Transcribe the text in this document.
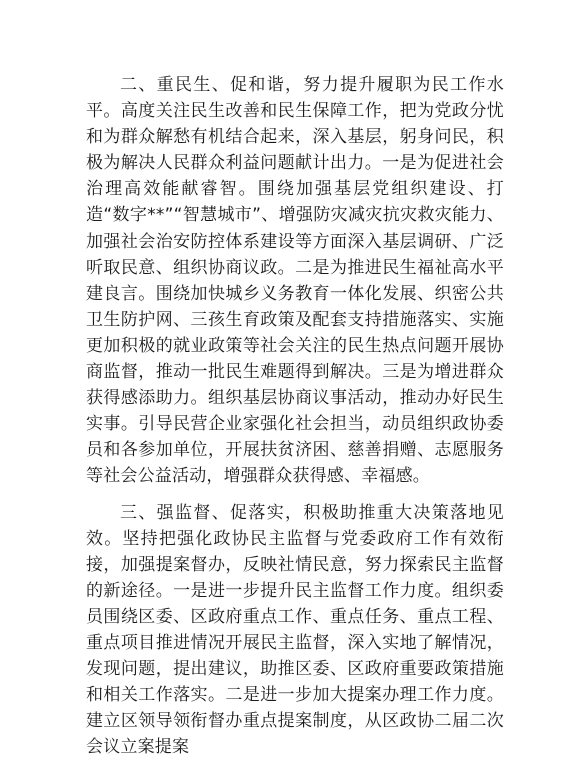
二、重民生、促和谐，努力提升履职为民工作水平。高度关注民生改善和民生保障工作，把为党政分忧和为群众解愁有机结合起来，深入基层，躬身问民，积极为解决人民群众利益问题献计出力。一是为促进社会治理高效能献睿智。围绕加强基层党组织建设、打造“数字**”“智慧城市”、增强防灾减灾抗灾救灾能力、加强社会治安防控体系建设等方面深入基层调研、广泛听取民意、组织协商议政。二是为推进民生福祉高水平建良言。围绕加快城乡义务教育一体化发展、织密公共卫生防护网、三孩生育政策及配套支持措施落实、实施更加积极的就业政策等社会关注的民生热点问题开展协商监督，推动一批民生难题得到解决。三是为增进群众获得感添助力。组织基层协商议事活动，推动办好民生实事。引导民营企业家强化社会担当，动员组织政协委员和各参加单位，开展扶贫济困、慈善捐赠、志愿服务等社会公益活动，增强群众获得感、幸福感。

三、强监督、促落实，积极助推重大决策落地见效。坚持把强化政协民主监督与党委政府工作有效衔接，加强提案督办，反映社情民意，努力探索民主监督的新途径。一是进一步提升民主监督工作力度。组织委员围绕区委、区政府重点工作、重点任务、重点工程、重点项目推进情况开展民主监督，深入实地了解情况，发现问题，提出建议，助推区委、区政府重要政策措施和相关工作落实。二是进一步加大提案办理工作力度。建立区领导领衔督办重点提案制度，从区政协二届二次会议立案提案
